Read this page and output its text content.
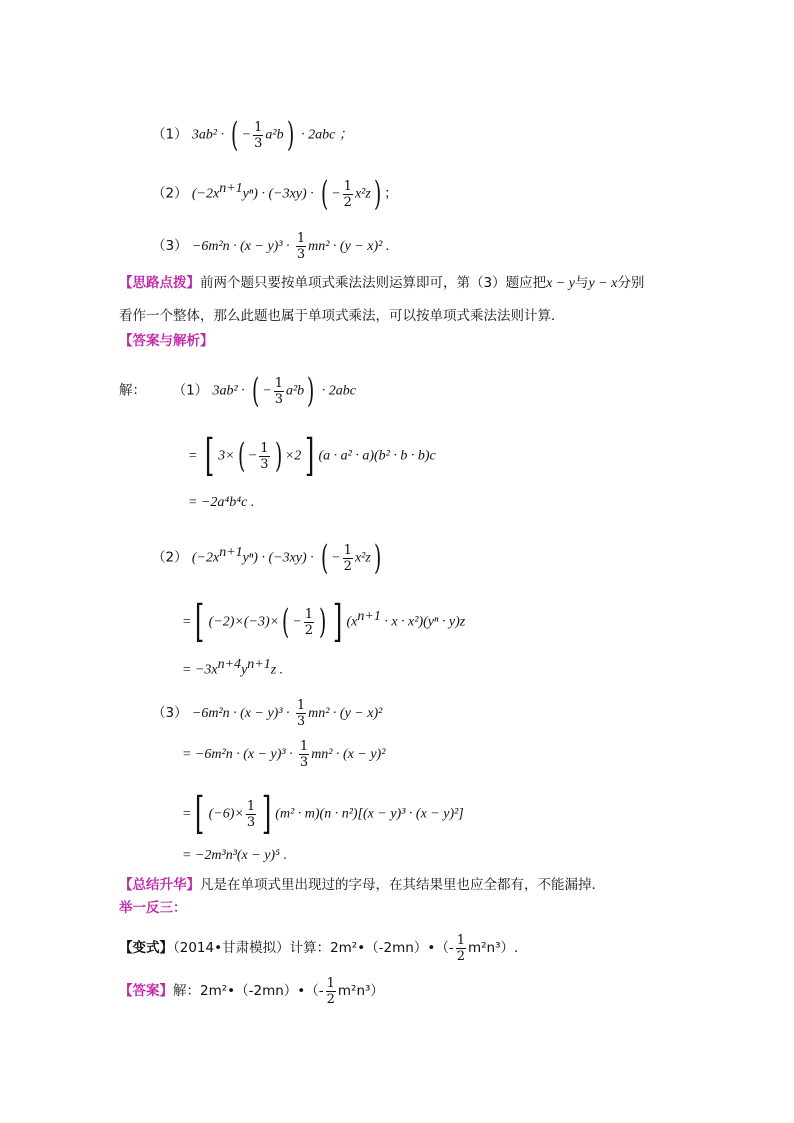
（1） 3ab² · ( − $\frac{1}{3} a^2b) \cdot 2abc$ ；
（2） $(-2x^{n+1}y^n) \cdot (-3xy)$ · ( − $\frac{1}{2} x^2z$) ；
$(3) -6m^2n \cdot (x - y)^3 \cdot \frac{1}{3} mn^2 \cdot (y - x)^2$ .
【思路点拨】前两个题只要按单项式乘法法则运算即可，第（3）题应把x − y与y − x分别
看作一个整体，那么此题也属于单项式乘法，可以按单项式乘法法则计算．
【答案与解析】
解： （1） 3ab² · ( − $\frac{1}{3} a^2b) \cdot 2abc$
= [ $3\times( - \frac{1}{3}$ ) ×2] (a · a² · a)(b² · b · b)c
= −2a⁴b⁴c .
（2） $(-2x^{n+1}y^n) \cdot (-3xy)$ · ( − $\frac{1}{2} x^2z$)
=[ $(-2)\times(-3)\times( - \frac{1}{2}$ ) ] $(x^{n+1} \cdot x \cdot x^2)(y^n \cdot y)z$
= $-3x^{n+4}y^{n+1}z$ .
$(3) -6m^2n \cdot (x - y)^3 \cdot \frac{1}{3} mn^2 \cdot (y - x)^2$
= $-6m^2n \cdot (x - y)^3 \cdot \frac{1}{3} mn^2 \cdot (x - y)^2$
=[ $(-6)\times \frac{1}{3}$ ] (m² · m)(n · n²)[(x − y)³ · (x − y)²]
= −2m³n³(x − y)⁵ .
【总结升华】凡是在单项式里出现过的字母，在其结果里也应全都有，不能漏掉．
举一反三：
【变式】（2014•甘肃模拟）计算：2m²•（-2mn）•（- $\frac{1}{2} m^2n^3$）.
【答案】解：2m²•（-2mn）•（- $\frac{1}{2} m^2n^3$）
